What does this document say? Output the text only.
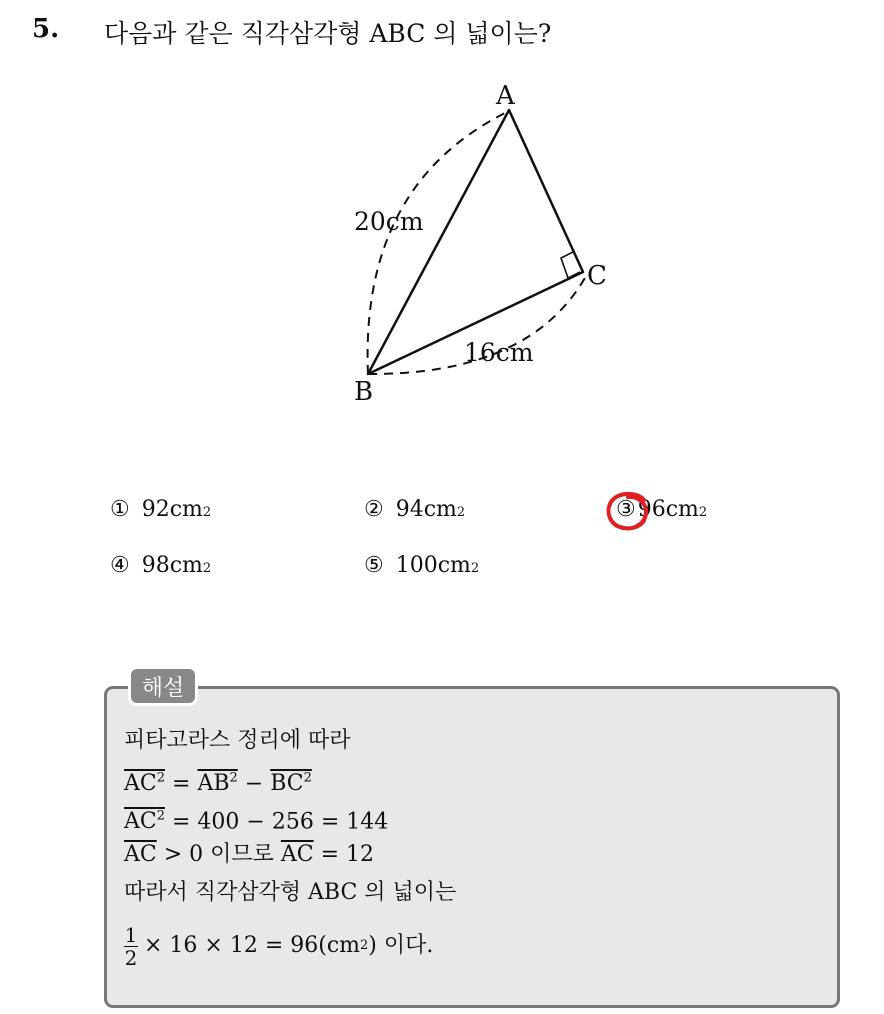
5. 다음과 같은 직각삼각형 ABC 의 넓이는?
A
C
B
20cm
16cm
① 92cm 2	② 94cm 2	③ 96cm 2
④ 98cm 2	⑤ 100cm 2
해설
피타고라스 정리에 따라
$AC^2 = AB^2 - BC^2$
$AC^2 = 400 - 256 = 144$
$\overline{AC} > 0$ 이므로 $\overline{AC} = 12$
따라서 직각삼각형 ABC 의 넓이는
$\frac{1}{2} \times 16 \times 12 = 96(cm$ 2 ) 이다.
